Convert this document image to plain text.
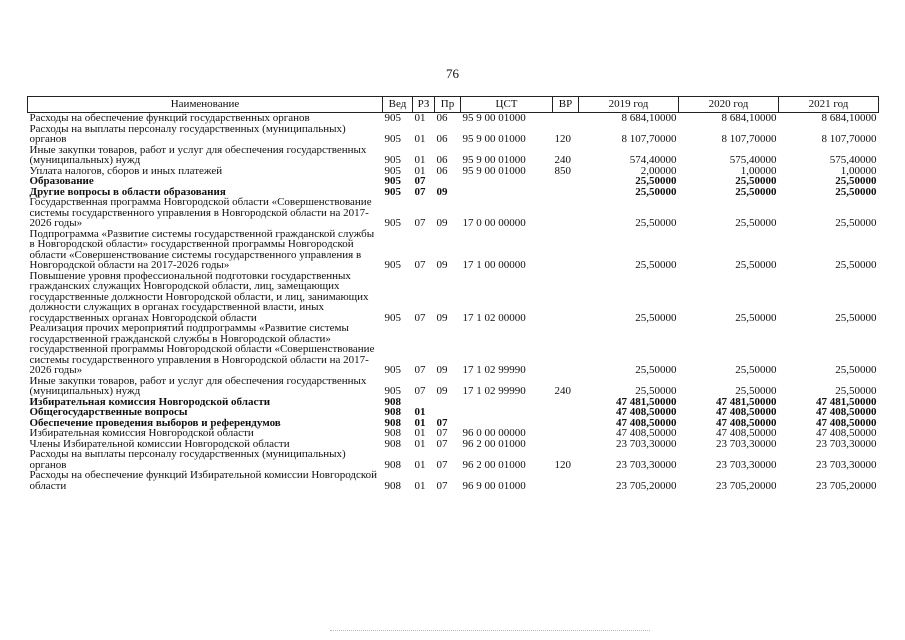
76
Наименование	Вед	РЗ	Пр	ЦСТ	ВР	2019 год	2020 год	2021 год
Расходы на обеспечение функций государственных органов	905	01	06	95 9 00 01000		8 684,10000	8 684,10000	8 684,10000
Расходы на выплаты персоналу государственных (муниципальных) органов	905	01	06	95 9 00 01000	120	8 107,70000	8 107,70000	8 107,70000
Иные закупки товаров, работ и услуг для обеспечения государственных (муниципальных) нужд	905	01	06	95 9 00 01000	240	574,40000	575,40000	575,40000
Уплата налогов, сборов и иных платежей	905	01	06	95 9 00 01000	850	2,00000	1,00000	1,00000
Образование	905	07				25,50000	25,50000	25,50000
Другие вопросы в области образования	905	07	09			25,50000	25,50000	25,50000
Государственная программа Новгородской области «Совершенствование системы государственного управления в Новгородской области на 2017-2026 годы»	905	07	09	17 0 00 00000		25,50000	25,50000	25,50000
Подпрограмма «Развитие системы государственной гражданской службы в Новгородской области» государственной программы Новгородской области «Совершенствование системы государственного управления в Новгородской области на 2017-2026 годы»	905	07	09	17 1 00 00000		25,50000	25,50000	25,50000
Повышение уровня профессиональной подготовки государственных гражданских служащих Новгородской области, лиц, замещающих государственные должности Новгородской области, и лиц, занимающих должности служащих в органах государственной власти, иных государственных органах Новгородской области	905	07	09	17 1 02 00000		25,50000	25,50000	25,50000
Реализация прочих мероприятий подпрограммы «Развитие системы государственной гражданской службы в Новгородской области» государственной программы Новгородской области «Совершенствование системы государственного управления в Новгородской области на 2017-2026 годы»	905	07	09	17 1 02 99990		25,50000	25,50000	25,50000
Иные закупки товаров, работ и услуг для обеспечения государственных (муниципальных) нужд	905	07	09	17 1 02 99990	240	25,50000	25,50000	25,50000
Избирательная комиссия Новгородской области	908					47 481,50000	47 481,50000	47 481,50000
Общегосударственные вопросы	908	01				47 408,50000	47 408,50000	47 408,50000
Обеспечение проведения выборов и референдумов	908	01	07			47 408,50000	47 408,50000	47 408,50000
Избирательная комиссия Новгородской области	908	01	07	96 0 00 00000		47 408,50000	47 408,50000	47 408,50000
Члены Избирательной комиссии Новгородской области	908	01	07	96 2 00 01000		23 703,30000	23 703,30000	23 703,30000
Расходы на выплаты персоналу государственных (муниципальных) органов	908	01	07	96 2 00 01000	120	23 703,30000	23 703,30000	23 703,30000
Расходы на обеспечение функций Избирательной комиссии Новгородской области	908	01	07	96 9 00 01000		23 705,20000	23 705,20000	23 705,20000
